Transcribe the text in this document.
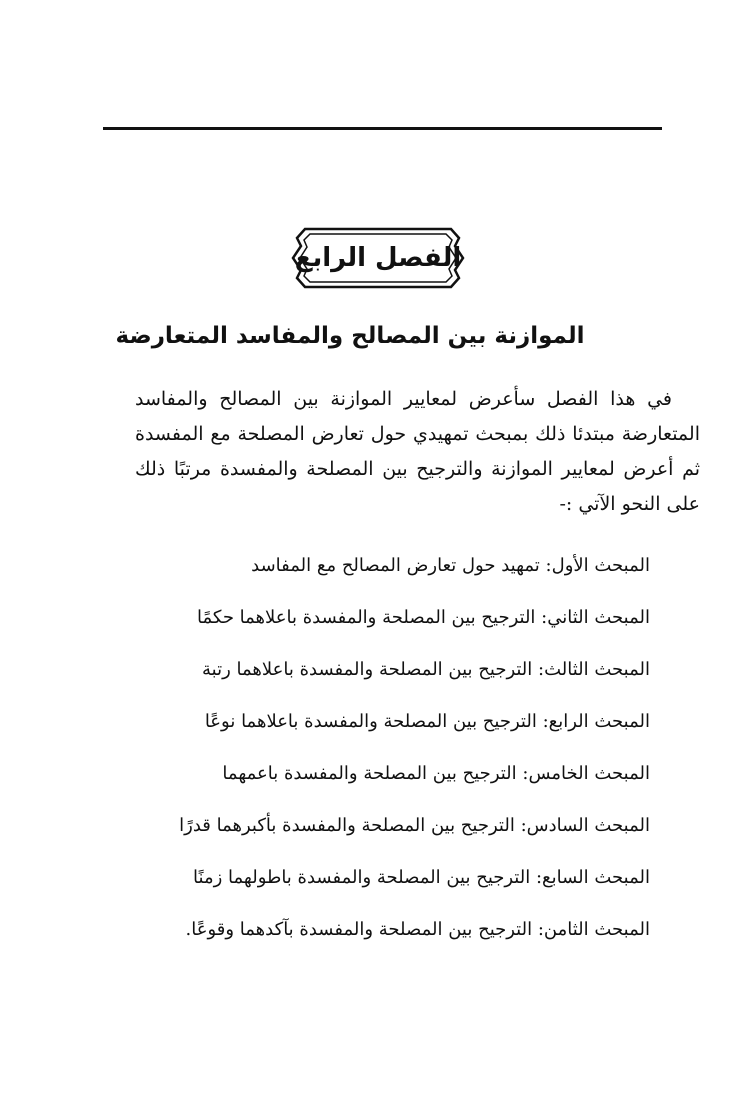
الفصل الرابع
الموازنة بين المصالح والمفاسد المتعارضة

في هذا الفصل سأعرض لمعايير الموازنة بين المصالح والمفاسد المتعارضة مبتدئا ذلك بمبحث تمهيدي حول تعارض المصلحة مع المفسدة ثم أعرض لمعايير الموازنة والترجيح بين المصلحة والمفسدة مرتبًا ذلك على النحو الآتي :-

المبحث الأول: تمهيد حول تعارض المصالح مع المفاسد
المبحث الثاني: الترجيح بين المصلحة والمفسدة باعلاهما حكمًا
المبحث الثالث: الترجيح بين المصلحة والمفسدة باعلاهما رتبة
المبحث الرابع: الترجيح بين المصلحة والمفسدة باعلاهما نوعًا
المبحث الخامس: الترجيح بين المصلحة والمفسدة باعمهما
المبحث السادس: الترجيح بين المصلحة والمفسدة بأكبرهما قدرًا
المبحث السابع: الترجيح بين المصلحة والمفسدة باطولهما زمنًا
المبحث الثامن: الترجيح بين المصلحة والمفسدة بآكدهما وقوعًا.
